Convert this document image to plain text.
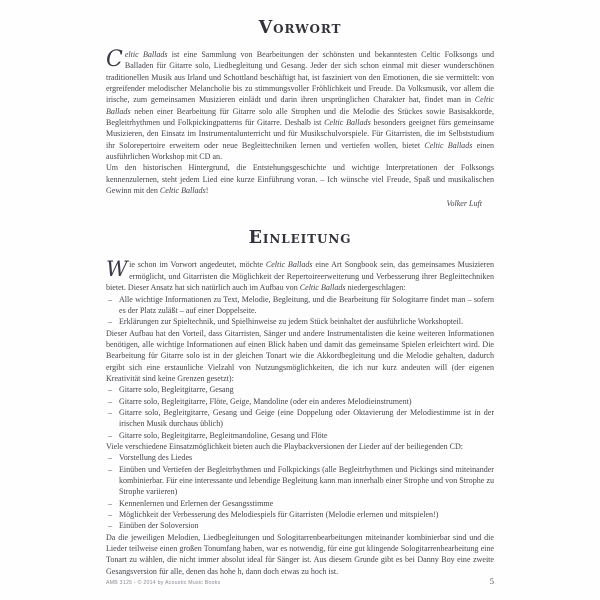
Vorwort

Celtic Ballads ist eine Sammlung von Bearbeitungen der schönsten und bekanntesten Celtic Folksongs und Balladen für Gitarre solo, Liedbegleitung und Gesang. Jeder der sich schon einmal mit dieser wunderschönen traditionellen Musik aus Irland und Schottland beschäftigt hat, ist fasziniert von den Emotionen, die sie vermittelt: von ergreifender melodischer Melancholie bis zu stimmungsvoller Fröhlichkeit und Freude. Da Volksmusik, vor allem die irische, zum gemeinsamen Musizieren einlädt und darin ihren ursprünglichen Charakter hat, findet man in Celtic Ballads neben einer Bearbeitung für Gitarre solo alle Strophen und die Melodie des Stückes sowie Basisakkorde, Begleitrhythmen und Folkpickingpatterns für Gitarre. Deshalb ist Celtic Ballads besonders geeignet fürs gemeinsame Musizieren, den Einsatz im Instrumentalunterricht und für Musikschulvorspiele. Für Gitarristen, die im Selbststudium ihr Solorepertoire erweitern oder neue Begleittechniken lernen und vertiefen wollen, bietet Celtic Ballads einen ausführlichen Workshop mit CD an.

Um den historischen Hintergrund, die Entstehungsgeschichte und wichtige Interpretationen der Folksongs kennenzulernen, steht jedem Lied eine kurze Einführung voran. – Ich wünsche viel Freude, Spaß und musikalischen Gewinn mit den Celtic Ballads!

Volker Luft
Einleitung

Wie schon im Vorwort angedeutet, möchte Celtic Ballads eine Art Songbook sein, das gemeinsames Musizieren ermöglicht, und Gitarristen die Möglichkeit der Repertoireerweiterung und Verbesserung ihrer Begleittechniken bietet. Dieser Ansatz hat sich natürlich auch im Aufbau von Celtic Ballads niedergeschlagen:

– Alle wichtige Informationen zu Text, Melodie, Begleitung, und die Bearbeitung für Sologitarre findet man – sofern es der Platz zuläßt – auf einer Doppelseite.
– Erklärungen zur Spieltechnik, und Spielhinweise zu jedem Stück beinhaltet der ausführliche Workshopteil.

Dieser Aufbau hat den Vorteil, dass Gitarristen, Sänger und andere Instrumentalisten die keine weiteren Informationen benötigen, alle wichtige Informationen auf einen Blick haben und damit das gemeinsame Spielen erleichtert wird. Die Bearbeitung für Gitarre solo ist in der gleichen Tonart wie die Akkordbegleitung und die Melodie gehalten, dadurch ergibt sich eine erstaunliche Vielzahl von Nutzungsmöglichkeiten, die ich nur kurz andeuten will (der eigenen Kreativität sind keine Grenzen gesetzt):

– Gitarre solo, Begleitgitarre, Gesang
– Gitarre solo, Begleitgitarre, Flöte, Geige, Mandoline (oder ein anderes Melodieinstrument)
– Gitarre solo, Begleitgitarre, Gesang und Geige (eine Doppelung oder Oktavierung der Melodiestimme ist in der irischen Musik durchaus üblich)
– Gitarre solo, Begleitgitarre, Begleitmandoline, Gesang und Flöte

Viele verschiedene Einsatzmöglichkeit bieten auch die Playbackversionen der Lieder auf der beiliegenden CD:

– Vorstellung des Liedes
– Einüben und Vertiefen der Begleitrhythmen und Folkpickings (alle Begleitrhythmen und Pickings sind miteinander kombinierbar. Für eine interessante und lebendige Begleitung kann man innerhalb einer Strophe und von Strophe zu Strophe variieren)
– Kennenlernen und Erlernen der Gesangsstimme
– Möglichkeit der Verbesserung des Melodiespiels für Gitarristen (Melodie erlernen und mitspielen!)
– Einüben der Soloversion

Da die jeweiligen Melodien, Liedbegleitungen und Sologitarrenbearbeitungen miteinander kombinierbar sind und die Lieder teilweise einen großen Tonumfang haben, war es notwendig, für eine gut klingende Sologitarrenbearbeitung eine Tonart zu wählen, die nicht immer absolut ideal für Sänger ist. Aus diesem Grunde gibt es bei Danny Boy eine zweite Gesangsversion für alle, denen das hohe h, dann doch etwas zu hoch ist.

AMB 3125 - © 2014 by Acoustic Music Books	5
